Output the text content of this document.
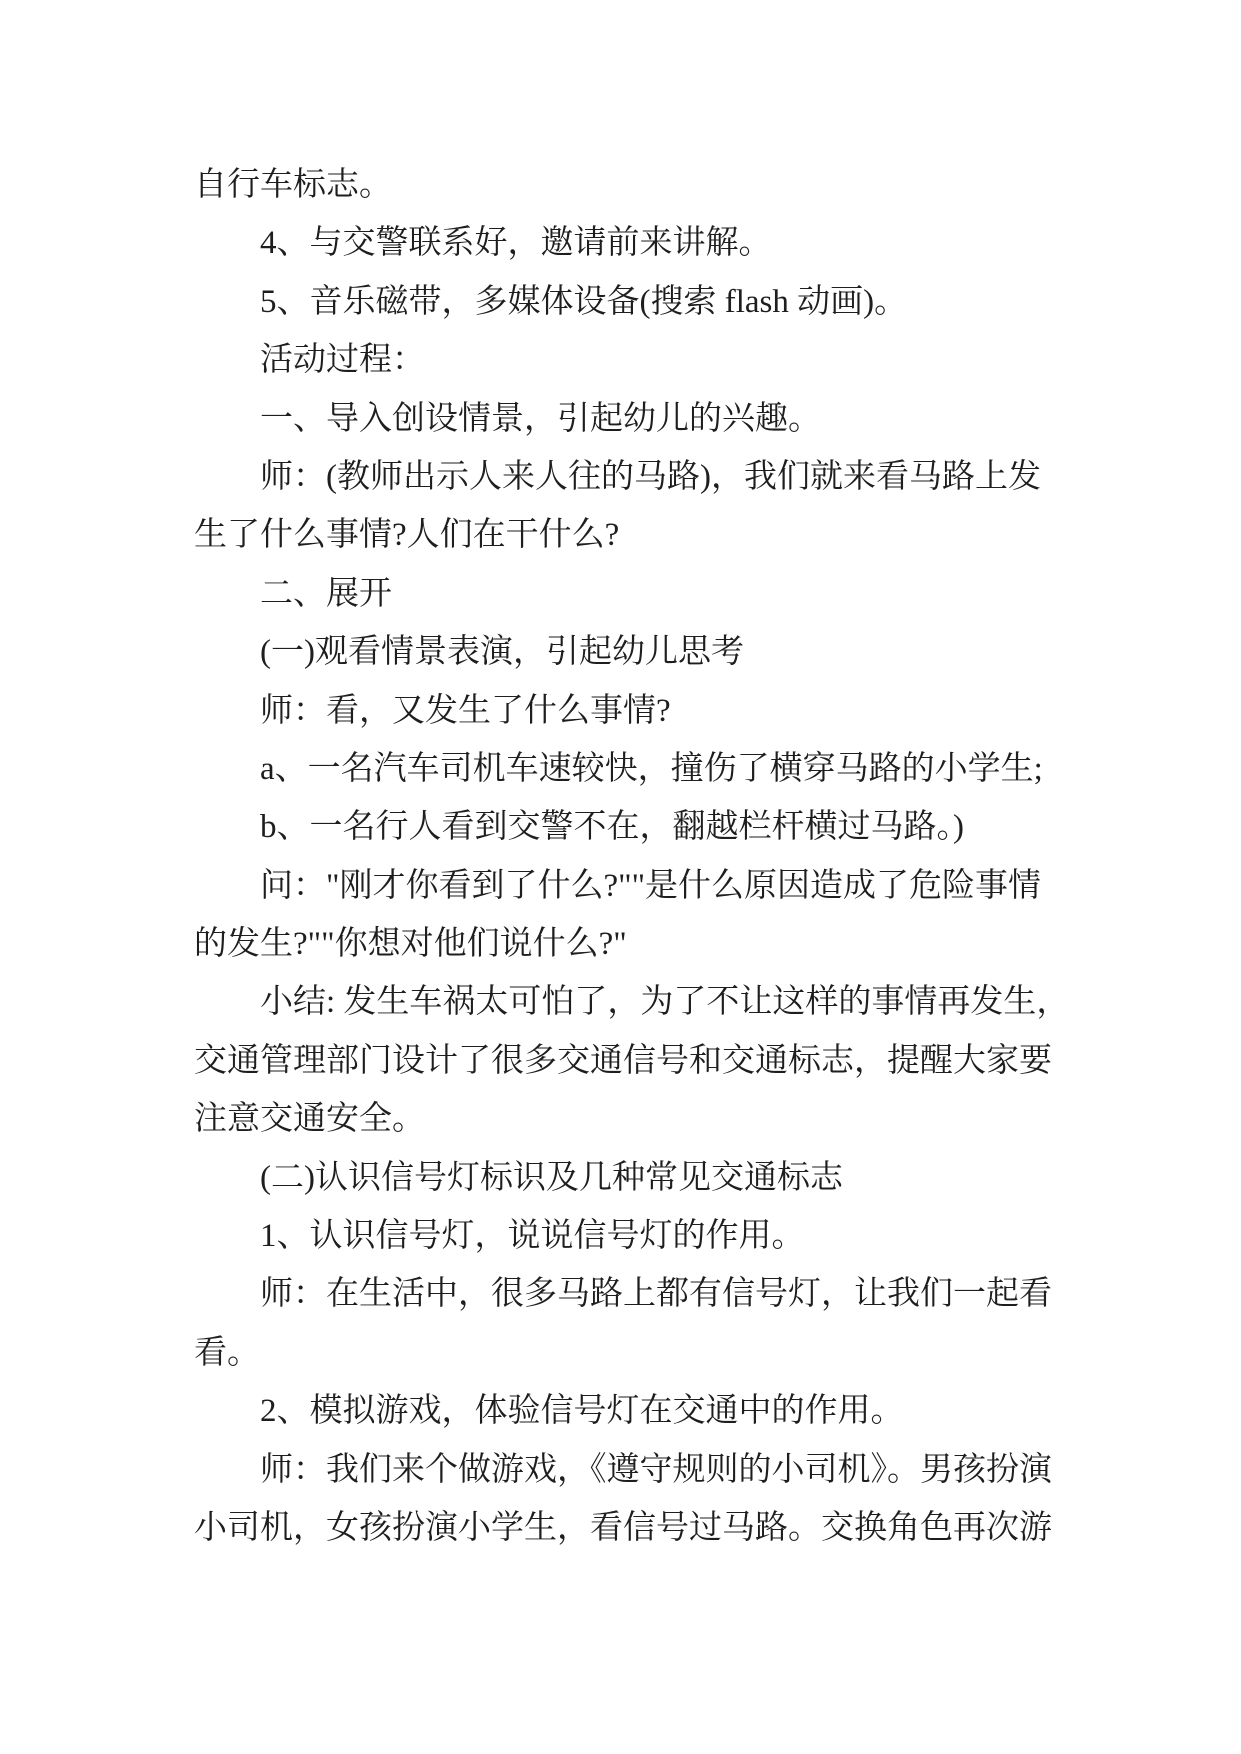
自行车标志。
4、与交警联系好，邀请前来讲解。
5、音乐磁带，多媒体设备(搜索 flash 动画)。
活动过程：
一、导入创设情景，引起幼儿的兴趣。
师：(教师出示人来人往的马路)，我们就来看马路上发
生了什么事情?人们在干什么?
二、展开
(一)观看情景表演，引起幼儿思考
师：看，又发生了什么事情?
a、一名汽车司机车速较快，撞伤了横穿马路的小学生;
b、一名行人看到交警不在，翻越栏杆横过马路。)
问："刚才你看到了什么?""是什么原因造成了危险事情
的发生?""你想对他们说什么?"
小结: 发生车祸太可怕了，为了不让这样的事情再发生，
交通管理部门设计了很多交通信号和交通标志，提醒大家要
注意交通安全。
(二)认识信号灯标识及几种常见交通标志
1、认识信号灯，说说信号灯的作用。
师：在生活中，很多马路上都有信号灯，让我们一起看
看。
2、模拟游戏，体验信号灯在交通中的作用。
师：我们来个做游戏，《遵守规则的小司机》。男孩扮演
小司机，女孩扮演小学生，看信号过马路。交换角色再次游
